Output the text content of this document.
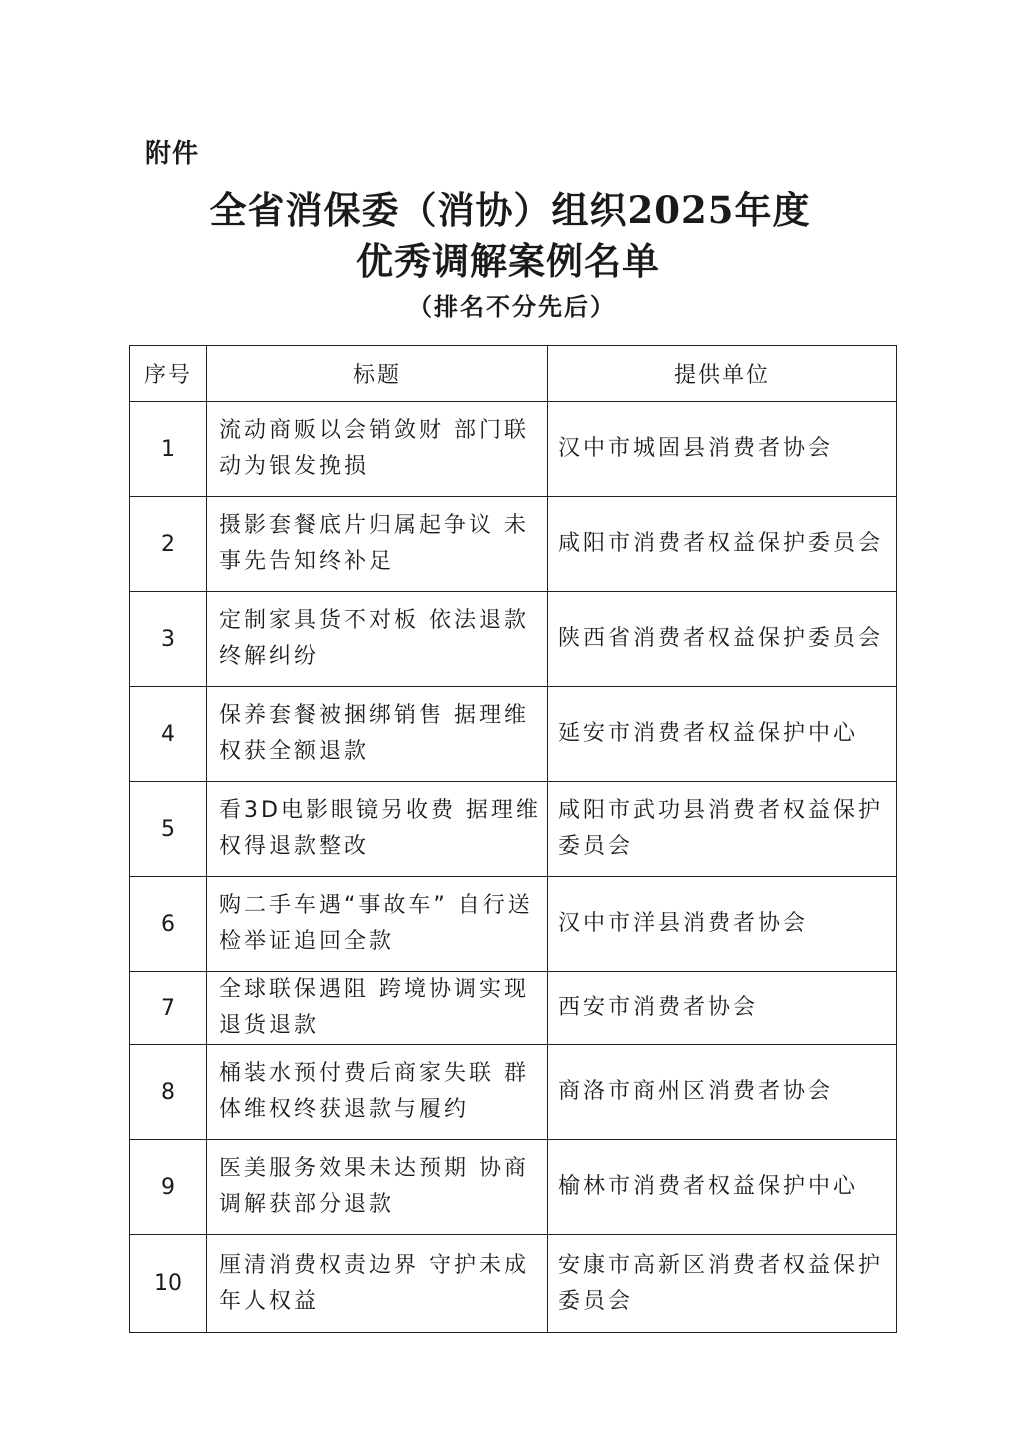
附件
全省消保委（消协）组织2025年度
优秀调解案例名单
（排名不分先后）
序号	标题	提供单位
1	流动商贩以会销敛财 部门联动为银发挽损	汉中市城固县消费者协会

2	摄影套餐底片归属起争议 未事先告知终补足	咸阳市消费者权益保护委员会

3	定制家具货不对板 依法退款终解纠纷	陕西省消费者权益保护委员会

4	保养套餐被捆绑销售 据理维权获全额退款	延安市消费者权益保护中心

5	看3D电影眼镜另收费 据理维权得退款整改	咸阳市武功县消费者权益保护委员会

6	购二手车遇“事故车” 自行送检举证追回全款	汉中市洋县消费者协会

7	全球联保遇阻 跨境协调实现退货退款	西安市消费者协会

8	桶装水预付费后商家失联 群体维权终获退款与履约	商洛市商州区消费者协会

9	医美服务效果未达预期 协商调解获部分退款	榆林市消费者权益保护中心

10	厘清消费权责边界 守护未成年人权益	安康市高新区消费者权益保护委员会
